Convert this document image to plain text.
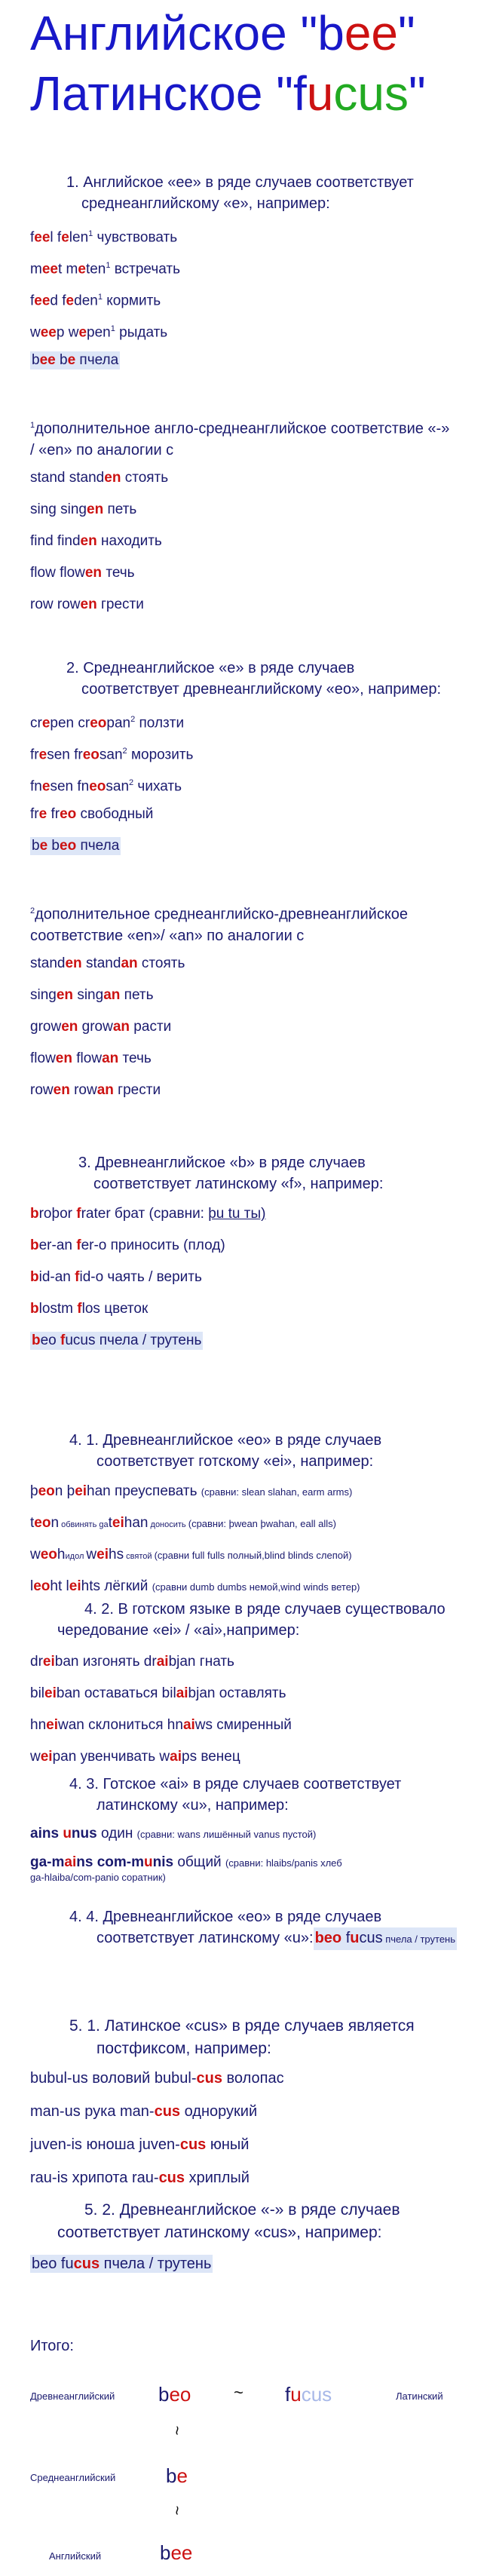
Английское "bee"

Латинское "fucus"

1. Английское «ee» в ряде случаев соответствует среднеанглийскому «e», например:

feel felen$^1$ чувствовать

meet meten$^1$ встречать

feed feden$^1$ кормить

weep wepen$^1$ рыдать

bee be пчела

$^1$дополнительное англо-среднеанглийское соответствие «-» / «en» по аналогии с

stand standen стоять

sing singen петь

find finden находить

flow flowen течь

row rowen грести

2. Среднеанглийское «e» в ряде случаев соответствует древнеанглийскому «eo», например:

crepen creopan$^2$ ползти

fresen freosan$^2$ морозить

fnesen fneosan$^2$ чихать

fre freo свободный

be beo пчела

$^2$дополнительное среднеанглийско-древнеанглийское соответствие «en»/ «an» по аналогии с

standen standan стоять

singen singan петь

growen growan расти

flowen flowan течь

rowen rowan грести

3. Древнеанглийское «b» в ряде случаев соответствует латинскому «f», например:

broþor frater брат (сравни: þu tu ты)

ber-an fer-o приносить (плод)

bid-an fid-o чаять / верить

blostm flos цветок

beo fucus пчела / трутень

4. 1. Древнеанглийское «eo» в ряде случаев соответствует готскому «ei», например:

þeon þeihan преуспевать (сравни: slean slahan, earm arms)

teon обвинять gateihan доносить (сравни: þwean þwahan, eall alls)

weohидол weihs святой (сравни full fulls полный,blind blinds слепой)

leoht leihts лёгкий (сравни dumb dumbs немой,wind winds ветер)

4. 2. В готском языке в ряде случаев существовало чередование «ei» / «ai»,например:

dreiban изгонять draibjan гнать

bileiban оставаться bilaibjan оставлять

hneiwan склониться hnaiws смиренный

weipan увенчивать waips венец

4. 3. Готское «ai» в ряде случаев соответствует латинскому «u», например:

ains unus один (сравни: wans лишённый vanus пустой)

ga-mains com-munis общий (сравни: hlaibs/panis хлеб

ga-hlaiba/com-panio соратник)

4. 4. Древнеанглийское «eo» в ряде случаев соответствует латинскому «u»:beo fucus пчела / трутень

5. 1. Латинское «cus» в ряде случаев является постфиксом, например:

bubul-us воловий bubul-cus волопас

man-us рука man-cus однорукий

juven-is юноша juven-cus юный

rau-is хрипота rau-cus хриплый

5. 2. Древнеанглийское «-» в ряде случаев соответствует латинскому «cus», например:

beo fucus пчела / трутень

Итого:
Древнеанглийский beo	~ fucus	Латинский
~
Среднеанглийский	be
~
Английский	bee
